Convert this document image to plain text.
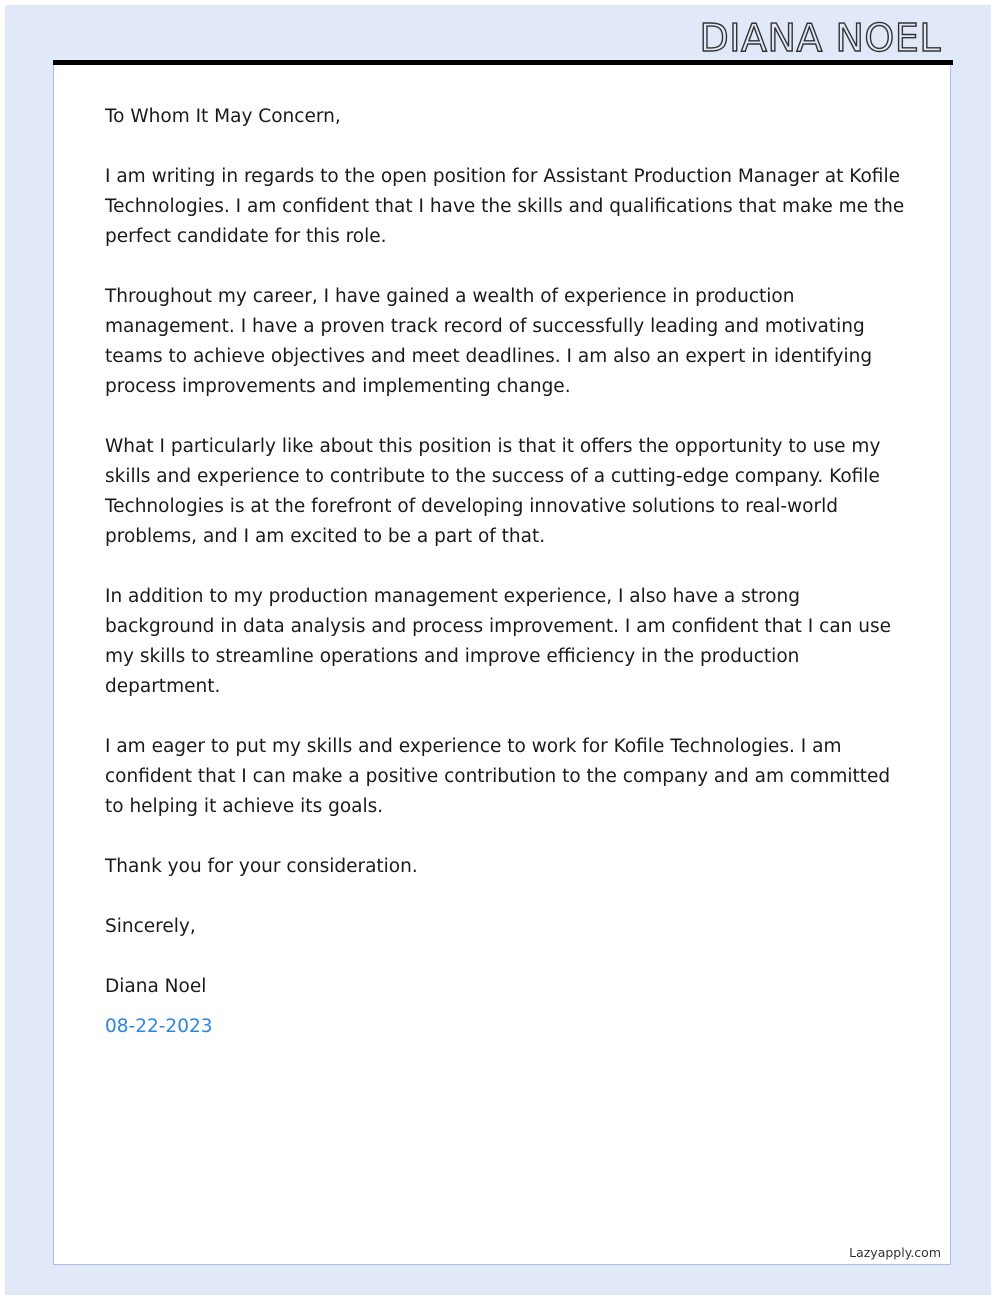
DIANA NOEL

To Whom It May Concern,

I am writing in regards to the open position for Assistant Production Manager at Kofile Technologies. I am confident that I have the skills and qualifications that make me the perfect candidate for this role.

Throughout my career, I have gained a wealth of experience in production management. I have a proven track record of successfully leading and motivating teams to achieve objectives and meet deadlines. I am also an expert in identifying process improvements and implementing change.

What I particularly like about this position is that it offers the opportunity to use my skills and experience to contribute to the success of a cutting-edge company. Kofile Technologies is at the forefront of developing innovative solutions to real-world problems, and I am excited to be a part of that.

In addition to my production management experience, I also have a strong background in data analysis and process improvement. I am confident that I can use my skills to streamline operations and improve efficiency in the production department.

I am eager to put my skills and experience to work for Kofile Technologies. I am confident that I can make a positive contribution to the company and am committed to helping it achieve its goals.

Thank you for your consideration.

Sincerely,

Diana Noel

08-22-2023

Lazyapply.com
